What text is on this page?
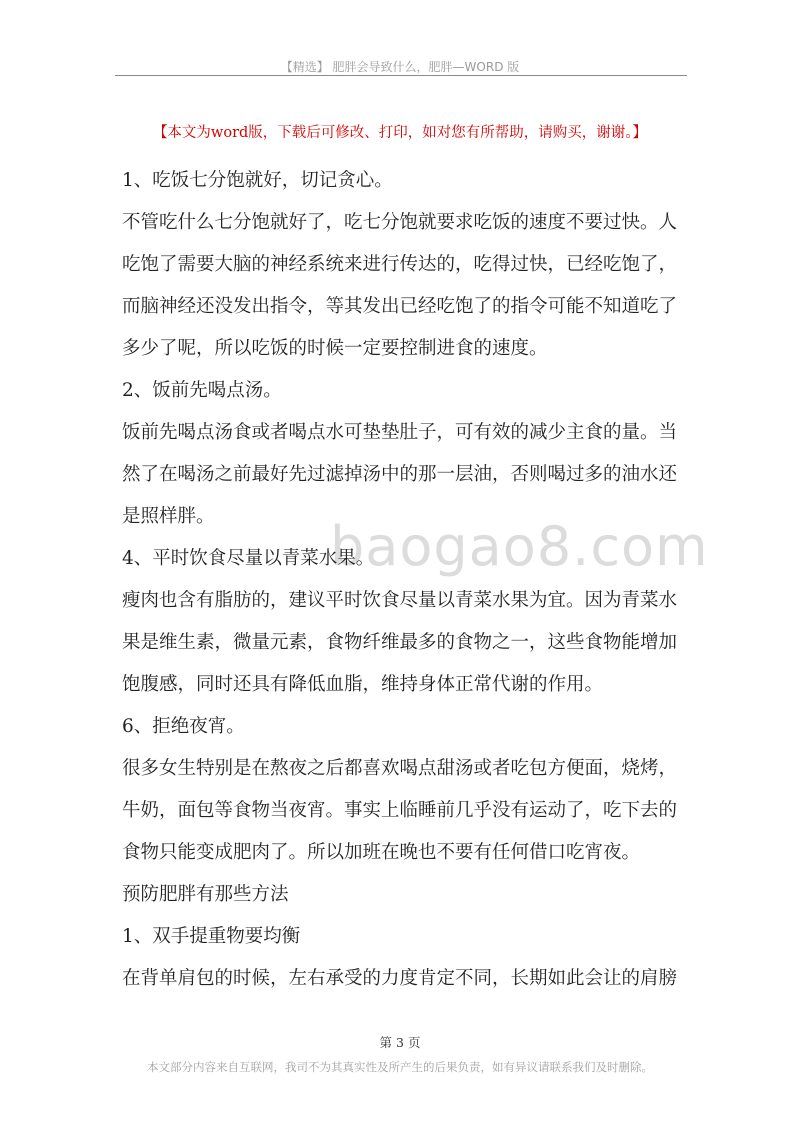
【精选】 肥胖会导致什么，肥胖—WORD 版
【本文为word版，下载后可修改、打印，如对您有所帮助，请购买，谢谢。】
baogao8.com
1、吃饭七分饱就好，切记贪心。
不管吃什么七分饱就好了，吃七分饱就要求吃饭的速度不要过快。人
吃饱了需要大脑的神经系统来进行传达的，吃得过快，已经吃饱了，
而脑神经还没发出指令，等其发出已经吃饱了的指令可能不知道吃了
多少了呢，所以吃饭的时候一定要控制进食的速度。
2、饭前先喝点汤。
饭前先喝点汤食或者喝点水可垫垫肚子，可有效的减少主食的量。当
然了在喝汤之前最好先过滤掉汤中的那一层油，否则喝过多的油水还
是照样胖。
4、平时饮食尽量以青菜水果。
瘦肉也含有脂肪的，建议平时饮食尽量以青菜水果为宜。因为青菜水
果是维生素，微量元素，食物纤维最多的食物之一，这些食物能增加
饱腹感，同时还具有降低血脂，维持身体正常代谢的作用。
6、拒绝夜宵。
很多女生特别是在熬夜之后都喜欢喝点甜汤或者吃包方便面，烧烤，
牛奶，面包等食物当夜宵。事实上临睡前几乎没有运动了，吃下去的
食物只能变成肥肉了。所以加班在晚也不要有任何借口吃宵夜。
预防肥胖有那些方法
1、双手提重物要均衡
在背单肩包的时候，左右承受的力度肯定不同，长期如此会让的肩膀
第 3 页
本文部分内容来自互联网，我司不为其真实性及所产生的后果负责，如有异议请联系我们及时删除。
